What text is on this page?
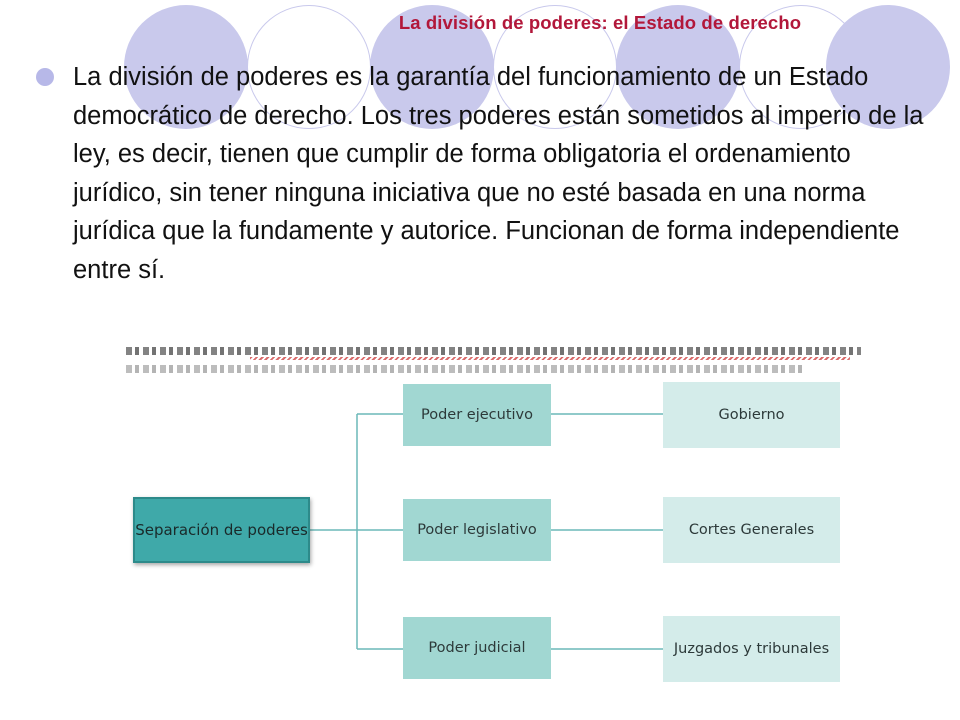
La división de poderes: el Estado de derecho

La división de poderes es la garantía del funcionamiento de un Estado democrático de derecho. Los tres poderes están sometidos al imperio de la ley, es decir, tienen que cumplir de forma obligatoria el ordenamiento jurídico, sin tener ninguna iniciativa que no esté basada en una norma jurídica que la fundamente y autorice. Funcionan de forma independiente entre sí.

Separación de poderes
Poder ejecutivo
Poder legislativo
Poder judicial
Gobierno
Cortes Generales
Juzgados y tribunales
